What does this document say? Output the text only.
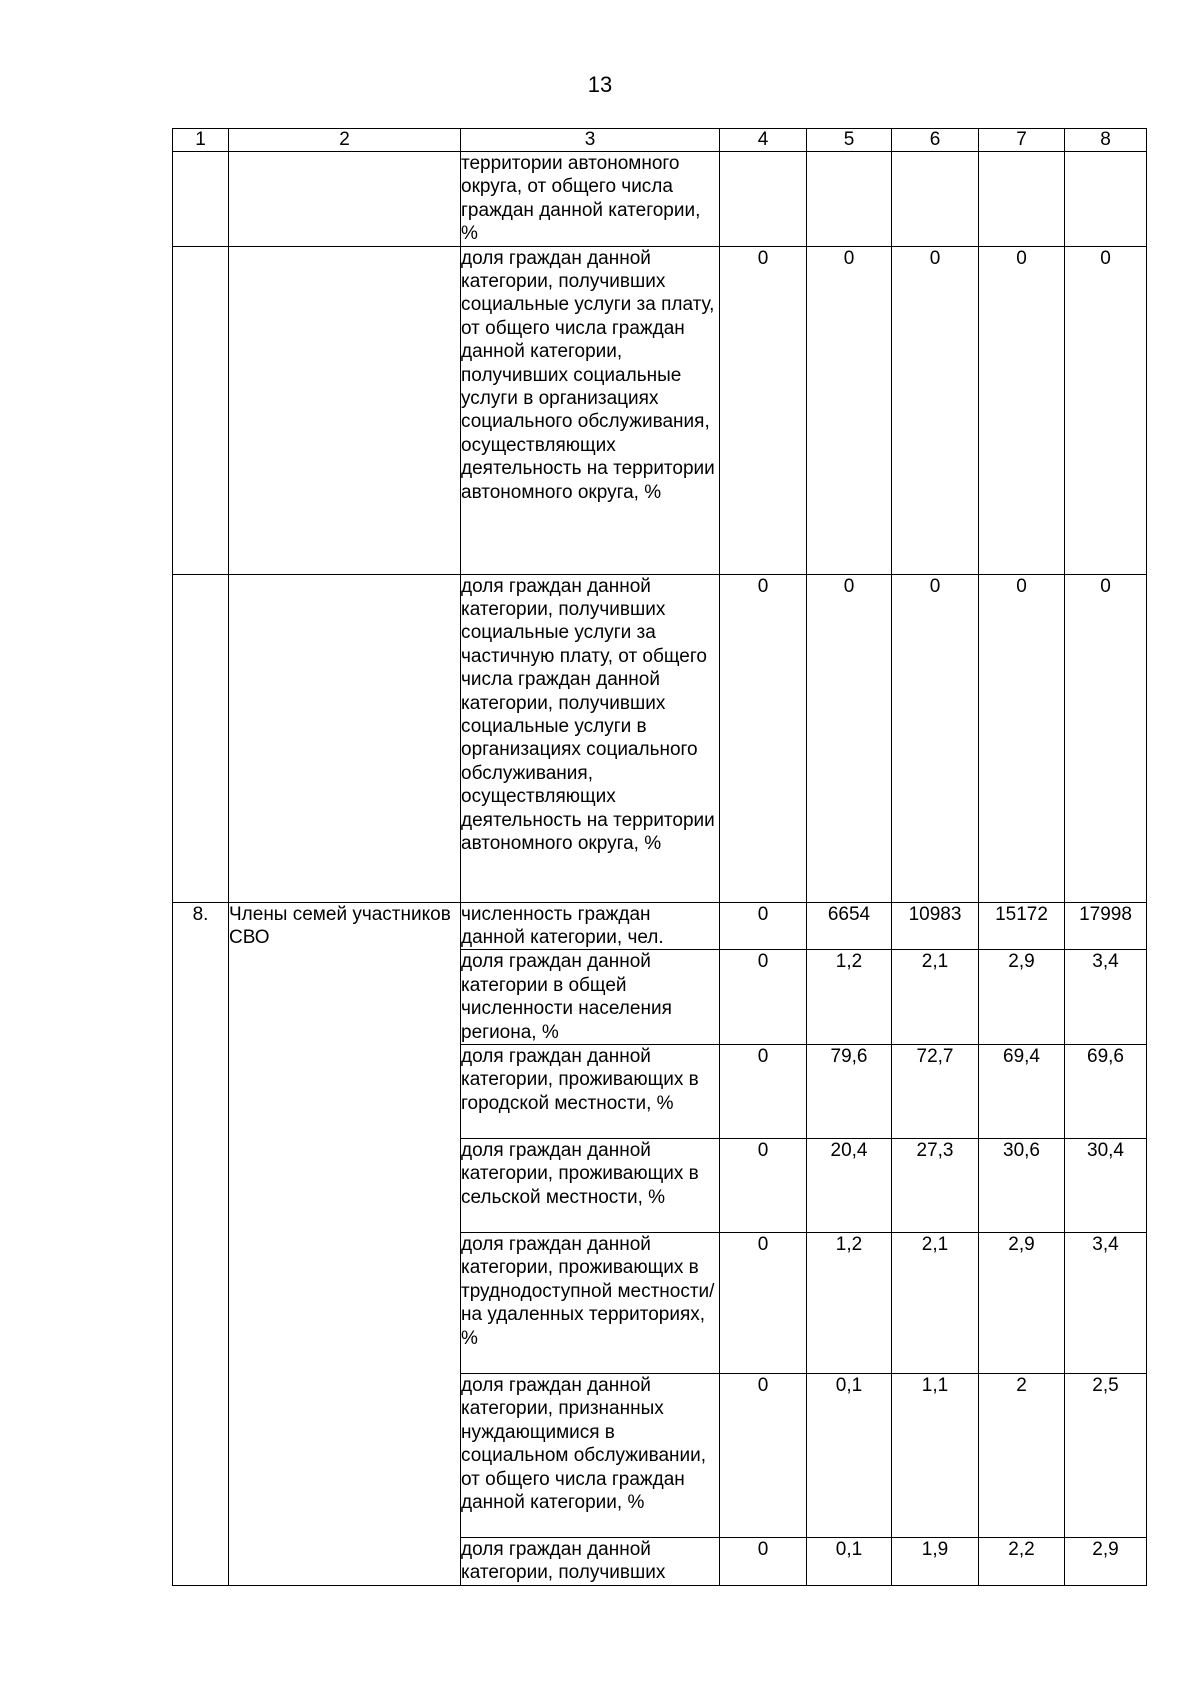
13
1	2	3	4	5	6	7	8
		территории автономного округа, от общего числа граждан данной категории, %					
		доля граждан данной категории, получивших социальные услуги за плату, от общего числа граждан данной категории, получивших социальные услуги в организациях социального обслуживания, осуществляющих деятельность на территории автономного округа, %	0	0	0	0	0
		доля граждан данной категории, получивших социальные услуги за частичную плату, от общего числа граждан данной категории, получивших социальные услуги в организациях социального обслуживания, осуществляющих деятельность на территории автономного округа, %	0	0	0	0	0
8.	Члены семей участников СВО	численность граждан данной категории, чел.	0	6654	10983	15172	17998
		доля граждан данной категории в общей численности населения региона, %	0	1,2	2,1	2,9	3,4
		доля граждан данной категории, проживающих в городской местности, %	0	79,6	72,7	69,4	69,6
		доля граждан данной категории, проживающих в сельской местности, %	0	20,4	27,3	30,6	30,4
		доля граждан данной категории, проживающих в труднодоступной местности/на удаленных территориях, %	0	1,2	2,1	2,9	3,4
		доля граждан данной категории, признанных нуждающимися в социальном обслуживании, от общего числа граждан данной категории, %	0	0,1	1,1	2	2,5
		доля граждан данной категории, получивших	0	0,1	1,9	2,2	2,9
